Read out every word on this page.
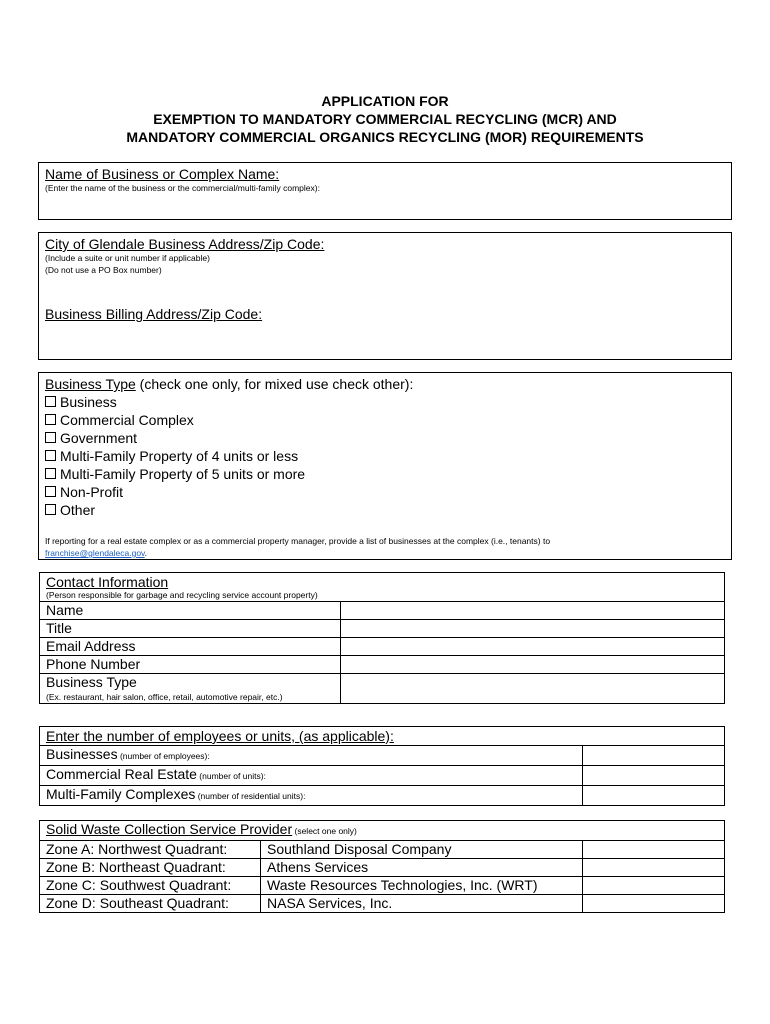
APPLICATION FOR
EXEMPTION TO MANDATORY COMMERCIAL RECYCLING (MCR) AND
MANDATORY COMMERCIAL ORGANICS RECYCLING (MOR) REQUIREMENTS
Name of Business or Complex Name:
(Enter the name of the business or the commercial/multi-family complex):
City of Glendale Business Address/Zip Code:
(Include a suite or unit number if applicable)
(Do not use a PO Box number)
Business Billing Address/Zip Code:
Business Type (check one only, for mixed use check other):
Business
Commercial Complex
Government
Multi-Family Property of 4 units or less
Multi-Family Property of 5 units or more
Non-Profit
Other
If reporting for a real estate complex or as a commercial property manager, provide a list of businesses at the complex (i.e., tenants) to
franchise@glendaleca.gov.
Contact Information
(Person responsible for garbage and recycling service account property)	

Name	
Title	
Email Address	
Phone Number	

Business Type
(Ex. restaurant, hair salon, office, retail, automotive repair, etc.)	

Enter the number of employees or units, (as applicable):	
Businesses (number of employees):	
Commercial Real Estate (number of units):	
Multi-Family Complexes (number of residential units):	
Solid Waste Collection Service Provider (select one only)		
Zone A: Northwest Quadrant:	Southland Disposal Company	
Zone B: Northeast Quadrant:	Athens Services	
Zone C: Southwest Quadrant:	Waste Resources Technologies, Inc. (WRT)	
Zone D: Southeast Quadrant:	NASA Services, Inc.	
